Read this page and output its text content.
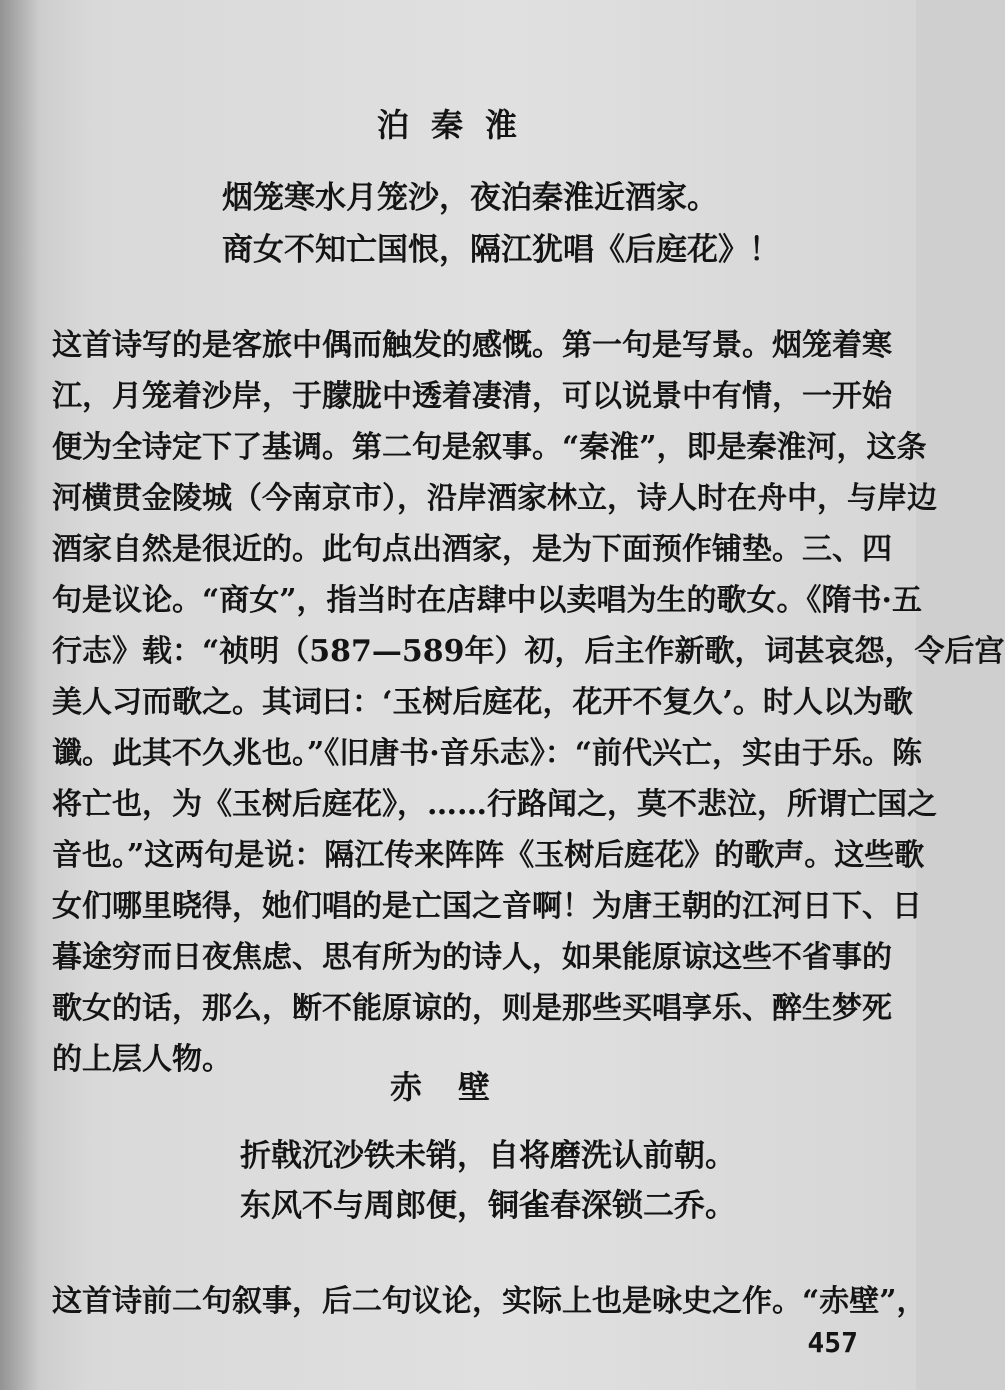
泊秦淮
烟笼寒水月笼沙，夜泊秦淮近酒家。
商女不知亡国恨，隔江犹唱《后庭花》！
这首诗写的是客旅中偶而触发的感慨。第一句是写景。烟笼着寒
江，月笼着沙岸，于朦胧中透着凄清，可以说景中有情，一开始
便为全诗定下了基调。第二句是叙事。“秦淮”，即是秦淮河，这条
河横贯金陵城（今南京市），沿岸酒家林立，诗人时在舟中，与岸边
酒家自然是很近的。此句点出酒家，是为下面预作铺垫。三、四
句是议论。“商女”，指当时在店肆中以卖唱为生的歌女。《隋书·五
行志》载：“祯明（587—589年）初，后主作新歌，词甚哀怨，令后宫
美人习而歌之。其词曰：‘玉树后庭花，花开不复久’。时人以为歌
谶。此其不久兆也。”《旧唐书·音乐志》：“前代兴亡，实由于乐。陈
将亡也，为《玉树后庭花》，……行路闻之，莫不悲泣，所谓亡国之
音也。”这两句是说：隔江传来阵阵《玉树后庭花》的歌声。这些歌
女们哪里晓得，她们唱的是亡国之音啊！为唐王朝的江河日下、日
暮途穷而日夜焦虑、思有所为的诗人，如果能原谅这些不省事的
歌女的话，那么，断不能原谅的，则是那些买唱享乐、醉生梦死
的上层人物。
赤壁
折戟沉沙铁未销，自将磨洗认前朝。
东风不与周郎便，铜雀春深锁二乔。
这首诗前二句叙事，后二句议论，实际上也是咏史之作。“赤壁”，
457
